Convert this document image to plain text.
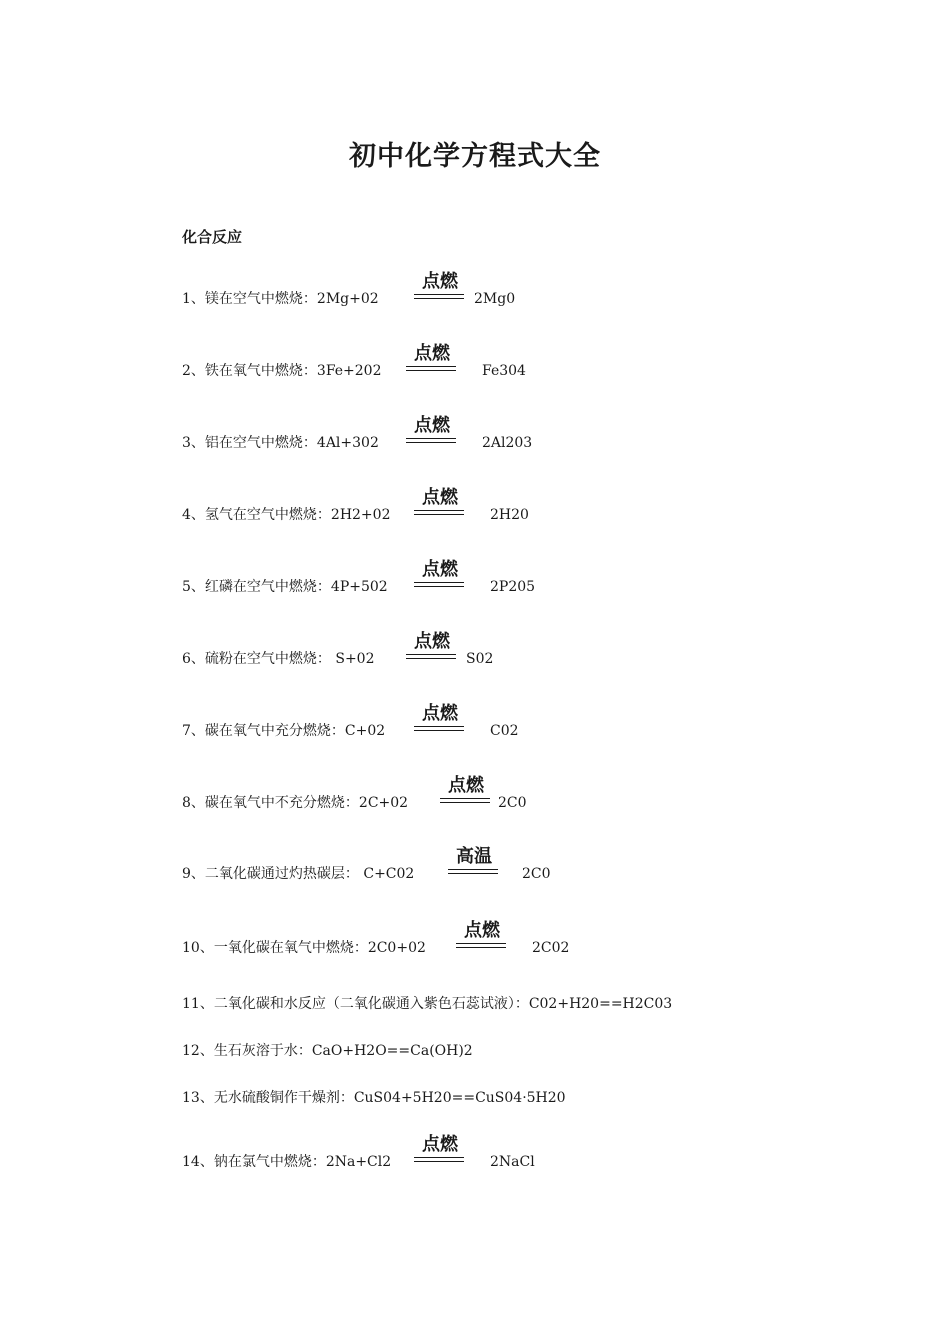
初中化学方程式大全
化合反应
1、镁在空气中燃烧：2Mg+02
点燃
2Mg0
2、铁在氧气中燃烧：3Fe+202
点燃
Fe304
3、铝在空气中燃烧：4Al+302
点燃
2Al203
4、氢气在空气中燃烧：2H2+02
点燃
2H20
5、红磷在空气中燃烧：4P+502
点燃
2P205
6、硫粉在空气中燃烧： S+02
点燃
S02
7、碳在氧气中充分燃烧：C+02
点燃
C02
8、碳在氧气中不充分燃烧：2C+02
点燃
2C0
9、二氧化碳通过灼热碳层： C+C02
高温
2C0
10、一氧化碳在氧气中燃烧：2C0+02
点燃
2C02
11、二氧化碳和水反应（二氧化碳通入紫色石蕊试液）：C02+H20==H2C03
12、生石灰溶于水：CaO+H2O==Ca(OH)2
13、无水硫酸铜作干燥剂：CuS04+5H20==CuS04·5H20
14、钠在氯气中燃烧：2Na+Cl2
点燃
2NaCl
